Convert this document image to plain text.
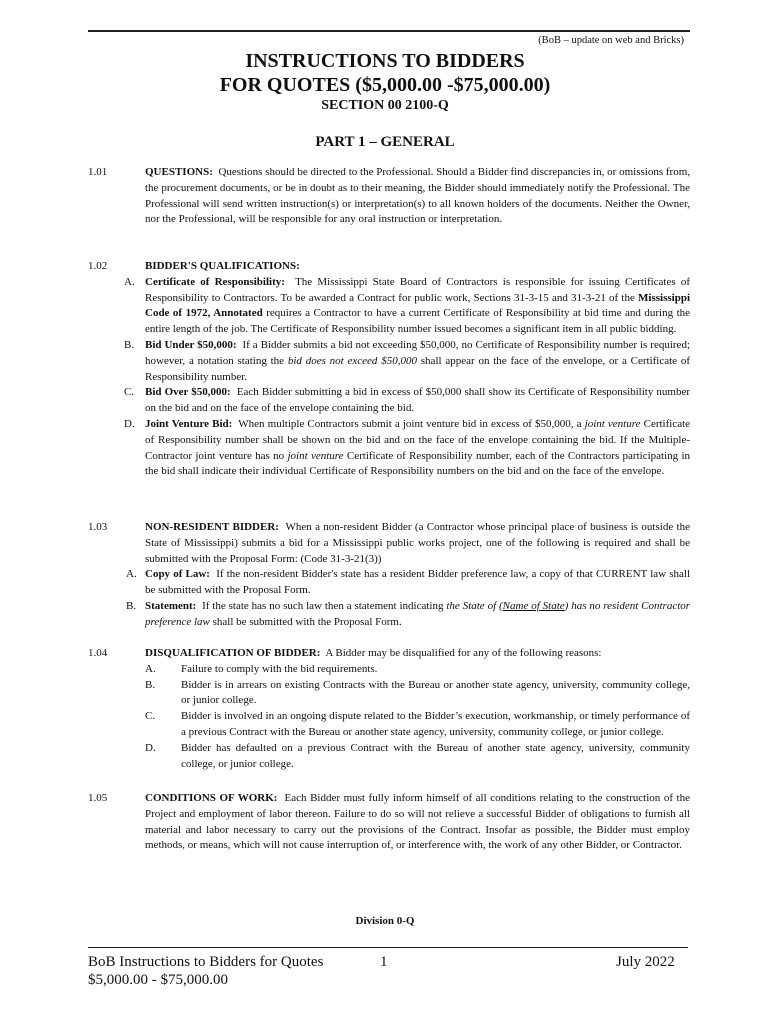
(BoB – update on web and Bricks)
INSTRUCTIONS TO BIDDERS
FOR QUOTES ($5,000.00 -$75,000.00)
SECTION 00 2100-Q
PART 1 – GENERAL
1.01	QUESTIONS: Questions should be directed to the Professional. Should a Bidder find discrepancies in, or omissions from, the procurement documents, or be in doubt as to their meaning, the Bidder should immediately notify the Professional. The Professional will send written instruction(s) or interpretation(s) to all known holders of the documents. Neither the Owner, nor the Professional, will be responsible for any oral instruction or interpretation.
1.02	BIDDER'S QUALIFICATIONS:
A. Certificate of Responsibility: The Mississippi State Board of Contractors is responsible for issuing Certificates of Responsibility to Contractors. To be awarded a Contract for public work, Sections 31-3-15 and 31-3-21 of the Mississippi Code of 1972, Annotated requires a Contractor to have a current Certificate of Responsibility at bid time and during the entire length of the job. The Certificate of Responsibility number issued becomes a significant item in all public bidding.
B. Bid Under $50,000: If a Bidder submits a bid not exceeding $50,000, no Certificate of Responsibility number is required; however, a notation stating the bid does not exceed $50,000 shall appear on the face of the envelope, or a Certificate of Responsibility number.
C. Bid Over $50,000: Each Bidder submitting a bid in excess of $50,000 shall show its Certificate of Responsibility number on the bid and on the face of the envelope containing the bid.
D. Joint Venture Bid: When multiple Contractors submit a joint venture bid in excess of $50,000, a joint venture Certificate of Responsibility number shall be shown on the bid and on the face of the envelope containing the bid. If the Multiple-Contractor joint venture has no joint venture Certificate of Responsibility number, each of the Contractors participating in the bid shall indicate their individual Certificate of Responsibility numbers on the bid and on the face of the envelope.
1.03	NON-RESIDENT BIDDER: When a non-resident Bidder (a Contractor whose principal place of business is outside the State of Mississippi) submits a bid for a Mississippi public works project, one of the following is required and shall be submitted with the Proposal Form: (Code 31-3-21(3))
A. Copy of Law: If the non-resident Bidder's state has a resident Bidder preference law, a copy of that CURRENT law shall be submitted with the Proposal Form.
B. Statement: If the state has no such law then a statement indicating the State of (Name of State) has no resident Contractor preference law shall be submitted with the Proposal Form.
1.04	DISQUALIFICATION OF BIDDER: A Bidder may be disqualified for any of the following reasons:
A. Failure to comply with the bid requirements.
B. Bidder is in arrears on existing Contracts with the Bureau or another state agency, university, community college, or junior college.
C. Bidder is involved in an ongoing dispute related to the Bidder’s execution, workmanship, or timely performance of a previous Contract with the Bureau or another state agency, university, community college, or junior college.
D. Bidder has defaulted on a previous Contract with the Bureau of another state agency, university, community college, or junior college.
1.05	CONDITIONS OF WORK: Each Bidder must fully inform himself of all conditions relating to the construction of the Project and employment of labor thereon. Failure to do so will not relieve a successful Bidder of obligations to furnish all material and labor necessary to carry out the provisions of the Contract. Insofar as possible, the Bidder must employ methods, or means, which will not cause interruption of, or interference with, the work of any other Bidder, or Contractor.
Division 0-Q
BoB Instructions to Bidders for Quotes
$5,000.00 - $75,000.00
1	July 2022
